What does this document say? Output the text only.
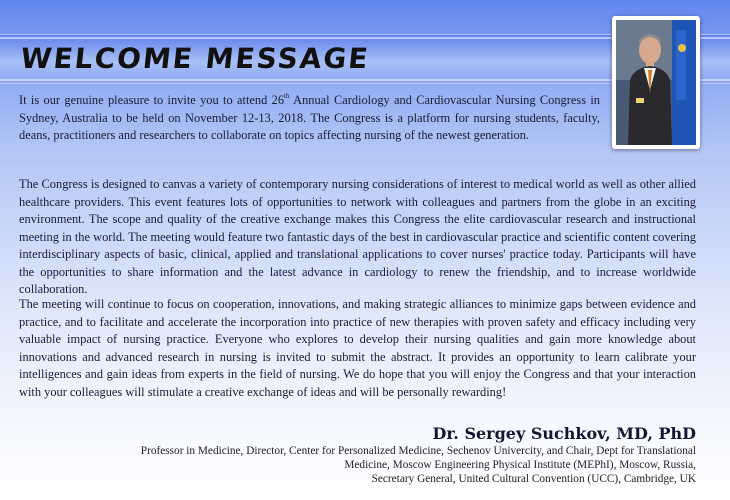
WELCOME MESSAGE

It is our genuine pleasure to invite you to attend 26th Annual Cardiology and Cardiovascular Nursing Congress in Sydney, Australia to be held on November 12-13, 2018. The Congress is a platform for nursing students, faculty, deans, practitioners and researchers to collaborate on topics affecting nursing of the newest generation.

The Congress is designed to canvas a variety of contemporary nursing considerations of interest to medical world as well as other allied healthcare providers. This event features lots of opportunities to network with colleagues and partners from the globe in an exciting environment. The scope and quality of the creative exchange makes this Congress the elite cardiovascular research and instructional meeting in the world. The meeting would feature two fantastic days of the best in cardiovascular practice and scientific content covering interdisciplinary aspects of basic, clinical, applied and translational applications to cover nurses' practice today. Participants will have the opportunities to share information and the latest advance in cardiology to renew the friendship, and to increase worldwide collaboration.

The meeting will continue to focus on cooperation, innovations, and making strategic alliances to minimize gaps between evidence and practice, and to facilitate and accelerate the incorporation into practice of new therapies with proven safety and efficacy including very valuable impact of nursing practice. Everyone who explores to develop their nursing qualities and gain more knowledge about innovations and advanced research in nursing is invited to submit the abstract. It provides an opportunity to learn calibrate your intelligences and gain ideas from experts in the field of nursing. We do hope that you will enjoy the Congress and that your interaction with your colleagues will stimulate a creative exchange of ideas and will be personally rewarding!

Dr. Sergey Suchkov, MD, PhD

Professor in Medicine, Director, Center for Personalized Medicine, Sechenov Univercity, and Chair, Dept for Translational
Medicine, Moscow Engineering Physical Institute (MEPhI), Moscow, Russia,
Secretary General, United Cultural Convention (UCC), Cambridge, UK
